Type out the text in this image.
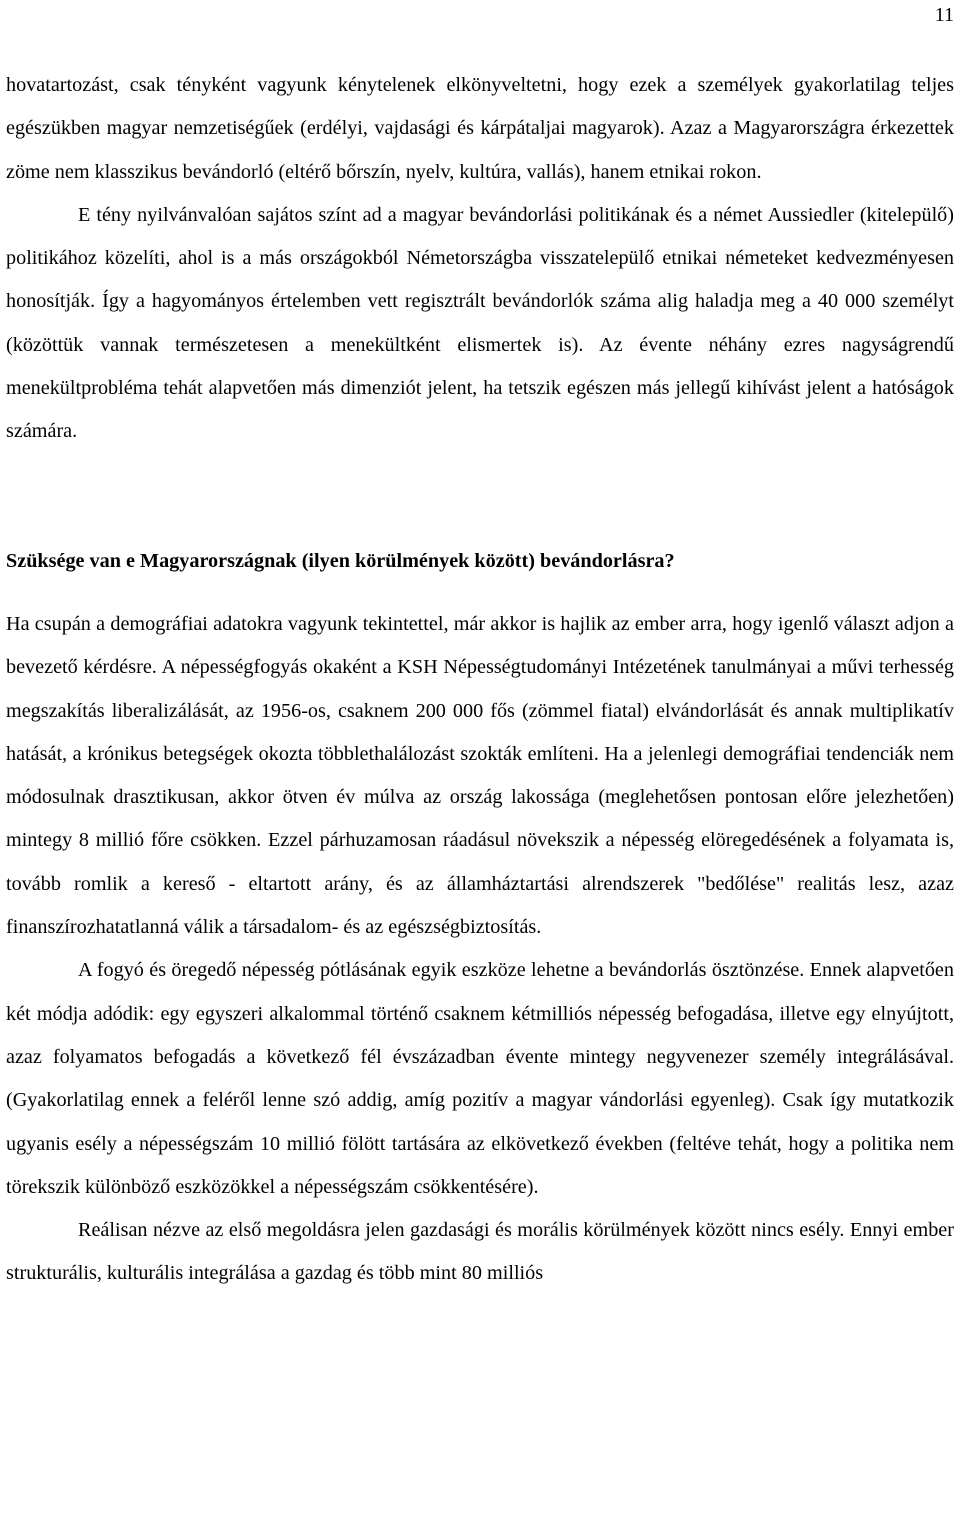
11

hovatartozást, csak tényként vagyunk kénytelenek elkönyveltetni, hogy ezek a személyek gyakorlatilag teljes egészükben magyar nemzetiségűek (erdélyi, vajdasági és kárpátaljai magyarok). Azaz a Magyarországra érkezettek zöme nem klasszikus bevándorló (eltérő bőrszín, nyelv, kultúra, vallás), hanem etnikai rokon.

E tény nyilvánvalóan sajátos színt ad a magyar bevándorlási politikának és a német Aussiedler (kitelepülő) politikához közelíti, ahol is a más országokból Németországba visszatelepülő etnikai németeket kedvezményesen honosítják. Így a hagyományos értelemben vett regisztrált bevándorlók száma alig haladja meg a 40 000 személyt (közöttük vannak természetesen a menekültként elismertek is). Az évente néhány ezres nagyságrendű menekültprobléma tehát alapvetően más dimenziót jelent, ha tetszik egészen más jellegű kihívást jelent a hatóságok számára.

Szüksége van e Magyarországnak (ilyen körülmények között) bevándorlásra?

Ha csupán a demográfiai adatokra vagyunk tekintettel, már akkor is hajlik az ember arra, hogy igenlő választ adjon a bevezető kérdésre. A népességfogyás okaként a KSH Népességtudományi Intézetének tanulmányai a művi terhesség megszakítás liberalizálását, az 1956-os, csaknem 200 000 fős (zömmel fiatal) elvándorlását és annak multiplikatív hatását, a krónikus betegségek okozta többlethalálozást szokták említeni. Ha a jelenlegi demográfiai tendenciák nem módosulnak drasztikusan, akkor ötven év múlva az ország lakossága (meglehetősen pontosan előre jelezhetően) mintegy 8 millió főre csökken. Ezzel párhuzamosan ráadásul növekszik a népesség elöregedésének a folyamata is, tovább romlik a kereső - eltartott arány, és az államháztartási alrendszerek "bedőlése" realitás lesz, azaz finanszírozhatatlanná válik a társadalom- és az egészségbiztosítás.

A fogyó és öregedő népesség pótlásának egyik eszköze lehetne a bevándorlás ösztönzése. Ennek alapvetően két módja adódik: egy egyszeri alkalommal történő csaknem kétmilliós népesség befogadása, illetve egy elnyújtott, azaz folyamatos befogadás a következő fél évszázadban évente mintegy negyvenezer személy integrálásával. (Gyakorlatilag ennek a feléről lenne szó addig, amíg pozitív a magyar vándorlási egyenleg). Csak így mutatkozik ugyanis esély a népességszám 10 millió fölött tartására az elkövetkező években (feltéve tehát, hogy a politika nem törekszik különböző eszközökkel a népességszám csökkentésére).

Reálisan nézve az első megoldásra jelen gazdasági és morális körülmények között nincs esély. Ennyi ember strukturális, kulturális integrálása a gazdag és több mint 80 milliós
